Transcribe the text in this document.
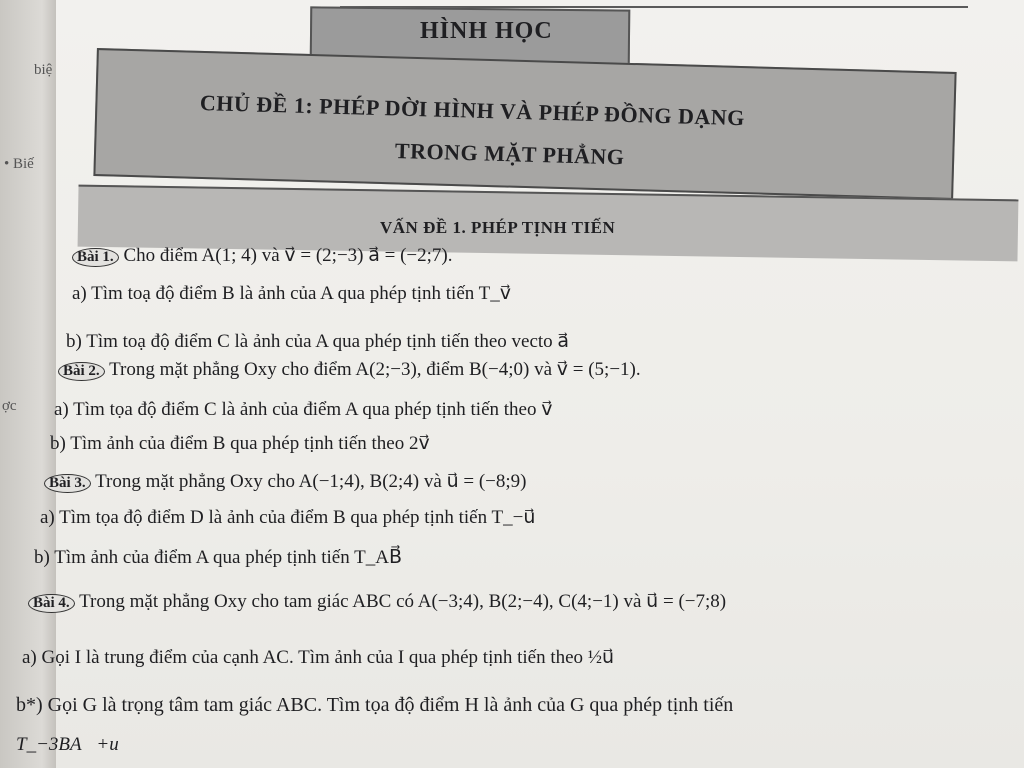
biệ
• Biế
ợc
HÌNH HỌC
CHỦ ĐỀ 1: PHÉP DỜI HÌNH VÀ PHÉP ĐỒNG DẠNG
TRONG MẶT PHẲNG
VẤN ĐỀ 1. PHÉP TỊNH TIẾN
Bài 1. Cho điểm A(1; 4) và v⃗ = (2;−3) a⃗ = (−2;7).
a) Tìm toạ độ điểm B là ảnh của A qua phép tịnh tiến T_v⃗
b) Tìm toạ độ điểm C là ảnh của A qua phép tịnh tiến theo vecto a⃗
Bài 2. Trong mặt phẳng Oxy cho điểm A(2;−3), điểm B(−4;0) và v⃗ = (5;−1).
a) Tìm tọa độ điểm C là ảnh của điểm A qua phép tịnh tiến theo v⃗
b) Tìm ảnh của điểm B qua phép tịnh tiến theo 2v⃗
Bài 3. Trong mặt phẳng Oxy cho A(−1;4), B(2;4) và u⃗ = (−8;9)
a) Tìm tọa độ điểm D là ảnh của điểm B qua phép tịnh tiến T_−u⃗
b) Tìm ảnh của điểm A qua phép tịnh tiến T_AB⃗
Bài 4. Trong mặt phẳng Oxy cho tam giác ABC có A(−3;4), B(2;−4), C(4;−1) và u⃗ = (−7;8)
a) Gọi I là trung điểm của cạnh AC. Tìm ảnh của I qua phép tịnh tiến theo ½u⃗
b*) Gọi G là trọng tâm tam giác ABC. Tìm tọa độ điểm H là ảnh của G qua phép tịnh tiến
T_−3BA⃗+u⃗
